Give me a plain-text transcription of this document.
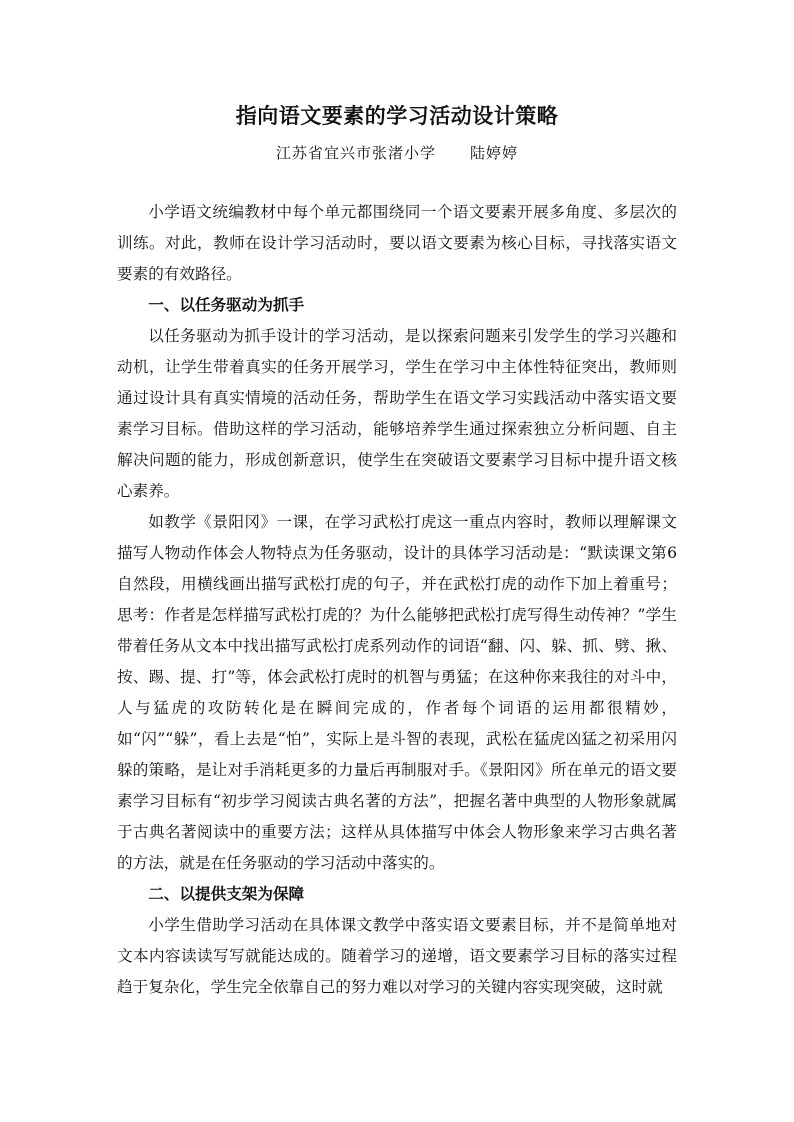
指向语文要素的学习活动设计策略
江苏省宜兴市张渚小学 陆婷婷

小学语文统编教材中每个单元都围绕同一个语文要素开展多角度、多层次的训练。对此，教师在设计学习活动时，要以语文要素为核心目标，寻找落实语文要素的有效路径。

一、以任务驱动为抓手

以任务驱动为抓手设计的学习活动，是以探索问题来引发学生的学习兴趣和动机，让学生带着真实的任务开展学习，学生在学习中主体性特征突出，教师则通过设计具有真实情境的活动任务，帮助学生在语文学习实践活动中落实语文要素学习目标。借助这样的学习活动，能够培养学生通过探索独立分析问题、自主解决问题的能力，形成创新意识，使学生在突破语文要素学习目标中提升语文核心素养。

如教学《景阳冈》一课，在学习武松打虎这一重点内容时，教师以理解课文描写人物动作体会人物特点为任务驱动，设计的具体学习活动是：“默读课文第6自然段，用横线画出描写武松打虎的句子，并在武松打虎的动作下加上着重号；思考：作者是怎样描写武松打虎的？为什么能够把武松打虎写得生动传神？”学生带着任务从文本中找出描写武松打虎系列动作的词语“翻、闪、躲、抓、劈、揪、按、踢、提、打”等，体会武松打虎时的机智与勇猛；在这种你来我往的对斗中，人与猛虎的攻防转化是在瞬间完成的，作者每个词语的运用都很精妙，如“闪”“躲”，看上去是“怕”，实际上是斗智的表现，武松在猛虎凶猛之初采用闪躲的策略，是让对手消耗更多的力量后再制服对手。《景阳冈》所在单元的语文要素学习目标有“初步学习阅读古典名著的方法”，把握名著中典型的人物形象就属于古典名著阅读中的重要方法；这样从具体描写中体会人物形象来学习古典名著的方法，就是在任务驱动的学习活动中落实的。

二、以提供支架为保障

小学生借助学习活动在具体课文教学中落实语文要素目标，并不是简单地对文本内容读读写写就能达成的。随着学习的递增，语文要素学习目标的落实过程趋于复杂化，学生完全依靠自己的努力难以对学习的关键内容实现突破，这时就
